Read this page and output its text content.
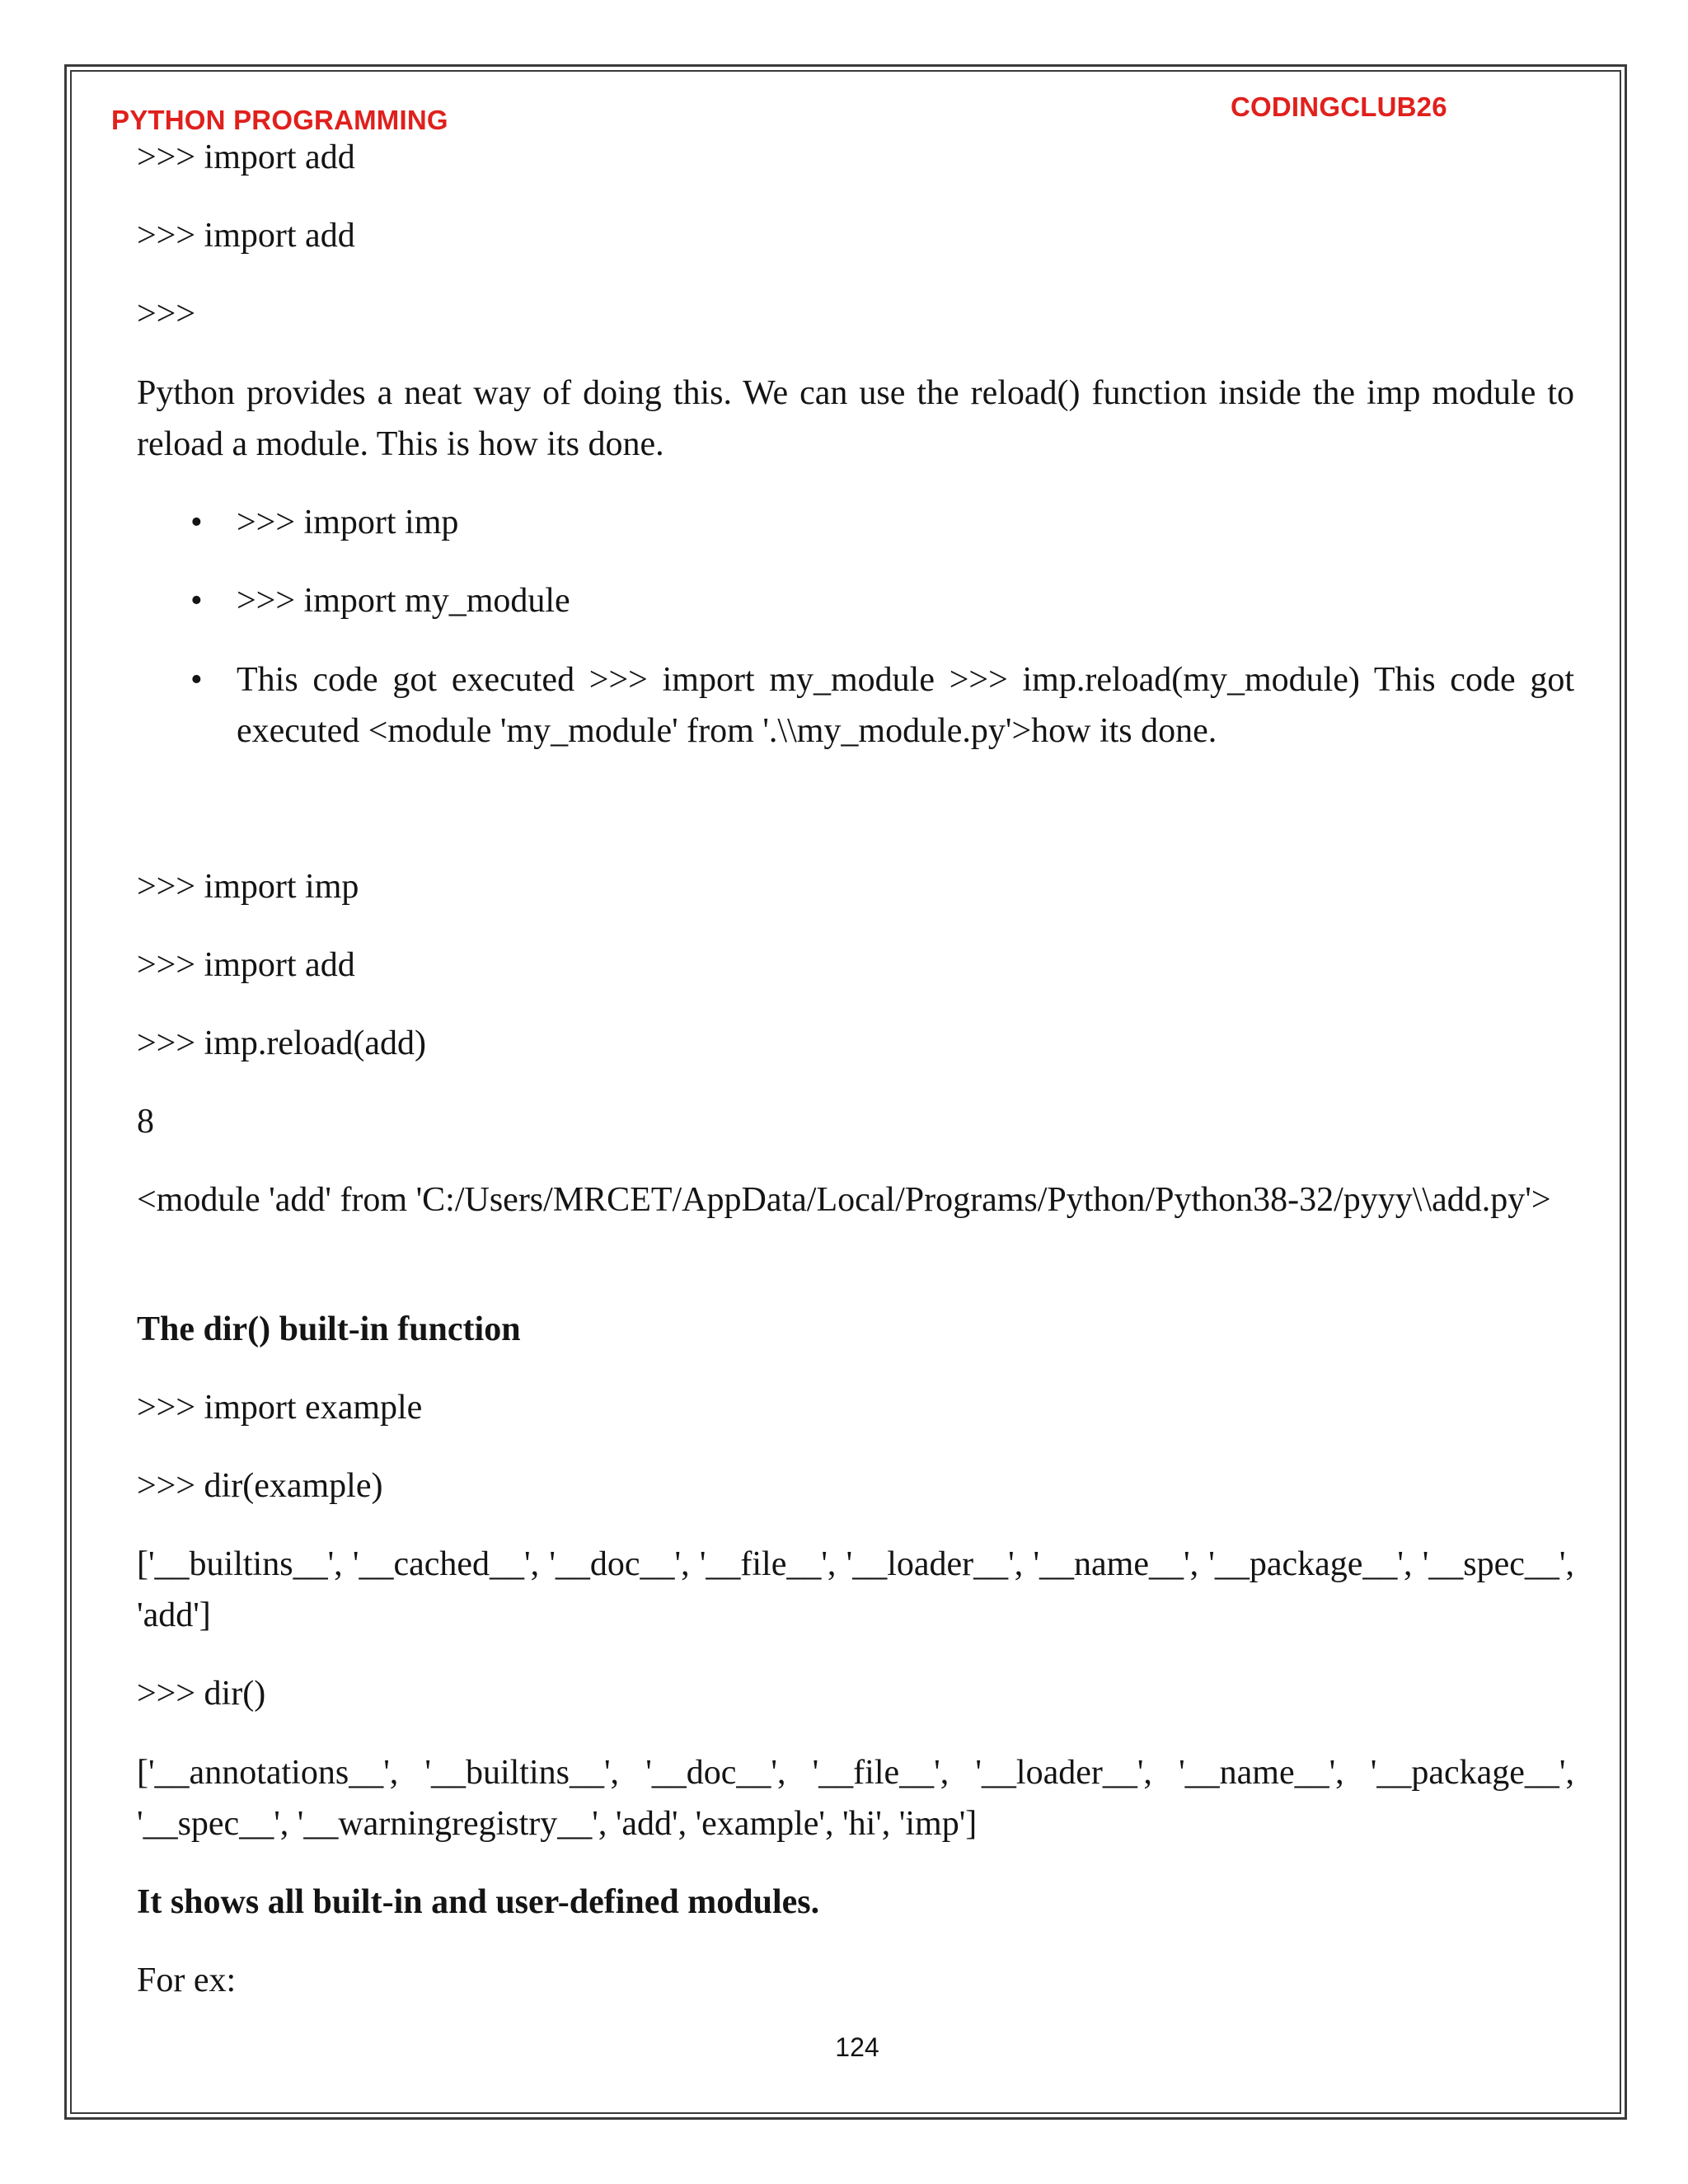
PYTHON PROGRAMMING	CODINGCLUB26
>>> import add
>>> import add
>>>
Python provides a neat way of doing this. We can use the reload() function inside the imp module to reload a module. This is how its done.
• >>> import imp
• >>> import my_module
• This code got executed >>> import my_module >>> imp.reload(my_module) This code got executed <module 'my_module' from '.\\my_module.py'>how its done.
>>> import imp
>>> import add
>>> imp.reload(add)
8
<module 'add' from 'C:/Users/MRCET/AppData/Local/Programs/Python/Python38-32/pyyy\\add.py'>
The dir() built-in function
>>> import example
>>> dir(example)
['__builtins__', '__cached__', '__doc__', '__file__', '__loader__', '__name__', '__package__', '__spec__', 'add']
>>> dir()
['__annotations__', '__builtins__', '__doc__', '__file__', '__loader__', '__name__', '__package__', '__spec__', '__warningregistry__', 'add', 'example', 'hi', 'imp']
It shows all built-in and user-defined modules.
For ex:
124
